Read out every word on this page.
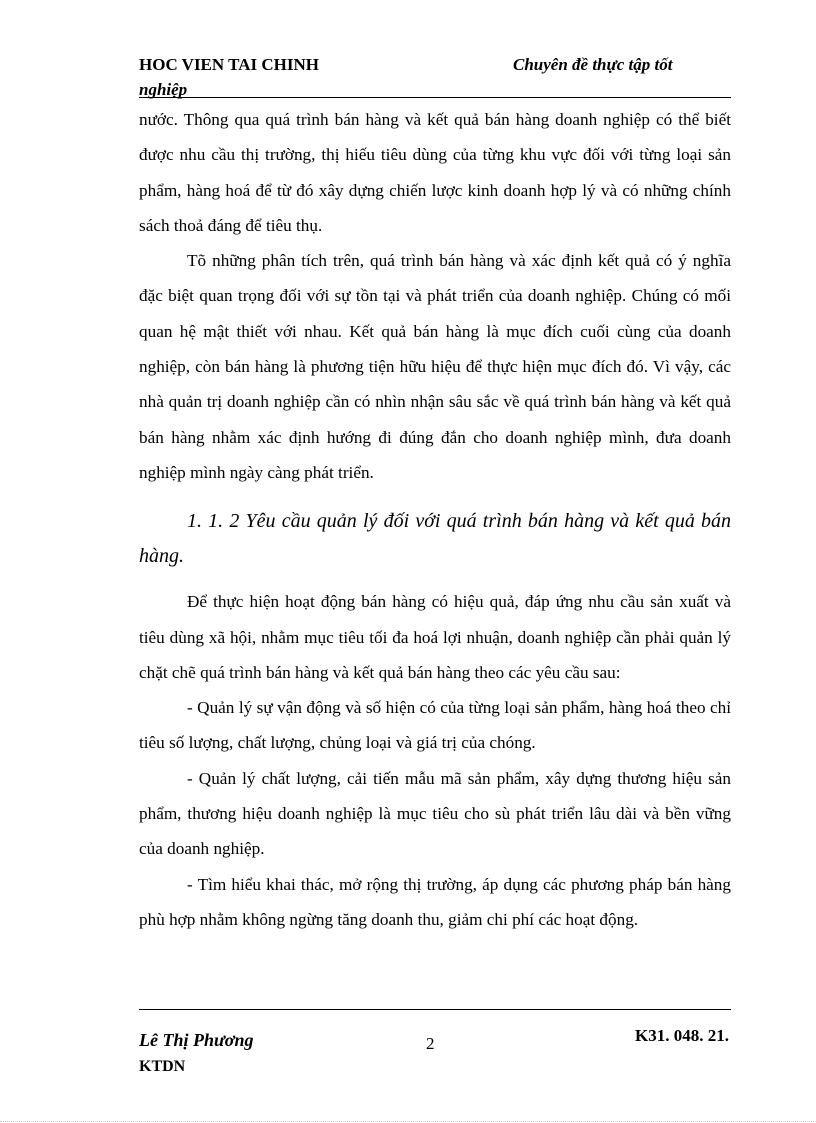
HOC VIEN TAI CHINH
nghiệp
Chuyên đề thực tập tốt

nước. Thông qua quá trình bán hàng và kết quả bán hàng doanh nghiệp có thể biết được nhu cầu thị trường, thị hiếu tiêu dùng của từng khu vực đối với từng loại sản phẩm, hàng hoá để từ đó xây dựng chiến lược kinh doanh hợp lý và có những chính sách thoả đáng để tiêu thụ.

Tõ những phân tích trên, quá trình bán hàng và xác định kết quả có ý nghĩa đặc biệt quan trọng đối với sự tồn tại và phát triển của doanh nghiệp. Chúng có mối quan hệ mật thiết với nhau. Kết quả bán hàng là mục đích cuối cùng của doanh nghiệp, còn bán hàng là phương tiện hữu hiệu để thực hiện mục đích đó. Vì vậy, các nhà quản trị doanh nghiệp cần có nhìn nhận sâu sắc về quá trình bán hàng và kết quả bán hàng nhằm xác định hướng đi đúng đắn cho doanh nghiệp mình, đưa doanh nghiệp mình ngày càng phát triển.

1. 1. 2 Yêu cầu quản lý đối với quá trình bán hàng và kết quả bán hàng.

Để thực hiện hoạt động bán hàng có hiệu quả, đáp ứng nhu cầu sản xuất và tiêu dùng xã hội, nhằm mục tiêu tối đa hoá lợi nhuận, doanh nghiệp cần phải quản lý chặt chẽ quá trình bán hàng và kết quả bán hàng theo các yêu cầu sau:

- Quản lý sự vận động và số hiện có của từng loại sản phẩm, hàng hoá theo chỉ tiêu số lượng, chất lượng, chủng loại và giá trị của chóng.

- Quản lý chất lượng, cải tiến mẫu mã sản phẩm, xây dựng thương hiệu sản phẩm, thương hiệu doanh nghiệp là mục tiêu cho sù phát triển lâu dài và bền vững của doanh nghiệp.

- Tìm hiểu khai thác, mở rộng thị trường, áp dụng các phương pháp bán hàng phù hợp nhằm không ngừng tăng doanh thu, giảm chi phí các hoạt động.

Lê Thị Phương
KTDN
2	K31. 048. 21.
